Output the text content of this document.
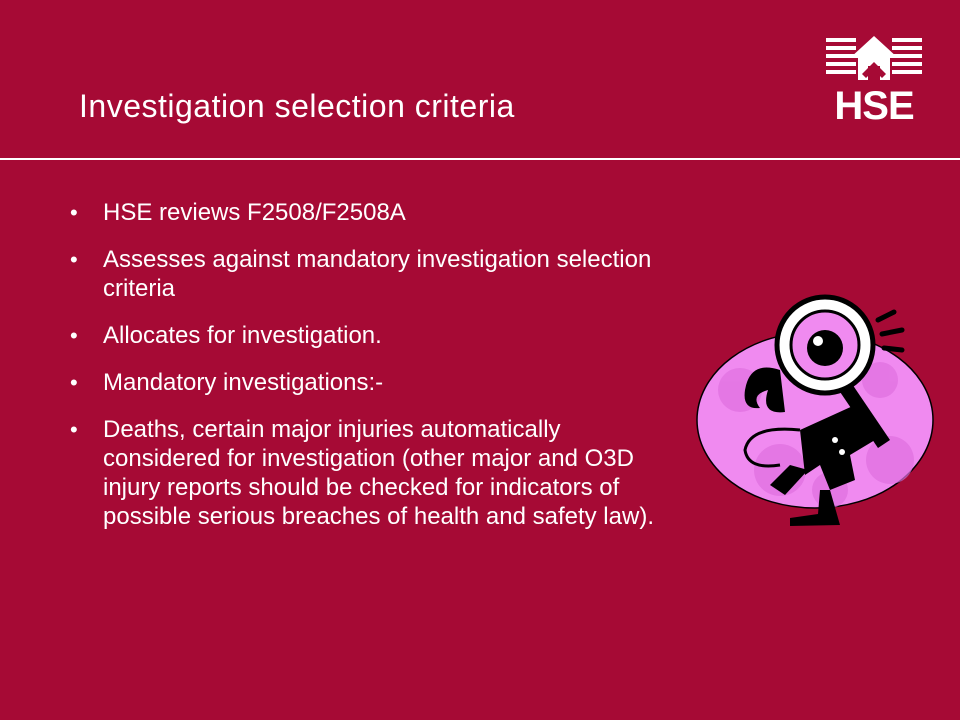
Investigation selection criteria	HSE
• HSE reviews F2508/F2508A
• Assesses against mandatory investigation selection criteria
• Allocates for investigation.
• Mandatory investigations:-
• Deaths, certain major injuries automatically considered for investigation (other major and O3D injury reports should be checked for indicators of possible serious breaches of health and safety law).
